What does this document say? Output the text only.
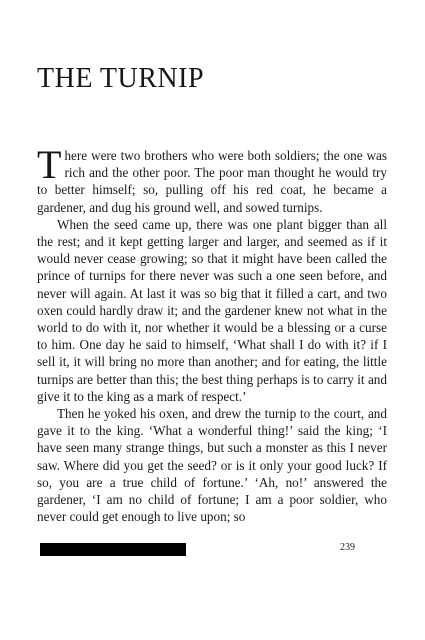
THE TURNIP

There were two brothers who were both soldiers; the one was rich and the other poor. The poor man thought he would try to better himself; so, pulling off his red coat, he became a gardener, and dug his ground well, and sowed turnips.

When the seed came up, there was one plant bigger than all the rest; and it kept getting larger and larger, and seemed as if it would never cease growing; so that it might have been called the prince of turnips for there never was such a one seen before, and never will again. At last it was so big that it filled a cart, and two oxen could hardly draw it; and the gardener knew not what in the world to do with it, nor whether it would be a blessing or a curse to him. One day he said to himself, ‘What shall I do with it? if I sell it, it will bring no more than another; and for eating, the little turnips are better than this; the best thing perhaps is to carry it and give it to the king as a mark of respect.’

Then he yoked his oxen, and drew the turnip to the court, and gave it to the king. ‘What a wonderful thing!’ said the king; ‘I have seen many strange things, but such a monster as this I never saw. Where did you get the seed? or is it only your good luck? If so, you are a true child of fortune.’ ‘Ah, no!’ answered the gardener, ‘I am no child of fortune; I am a poor soldier, who never could get enough to live upon; so

239
